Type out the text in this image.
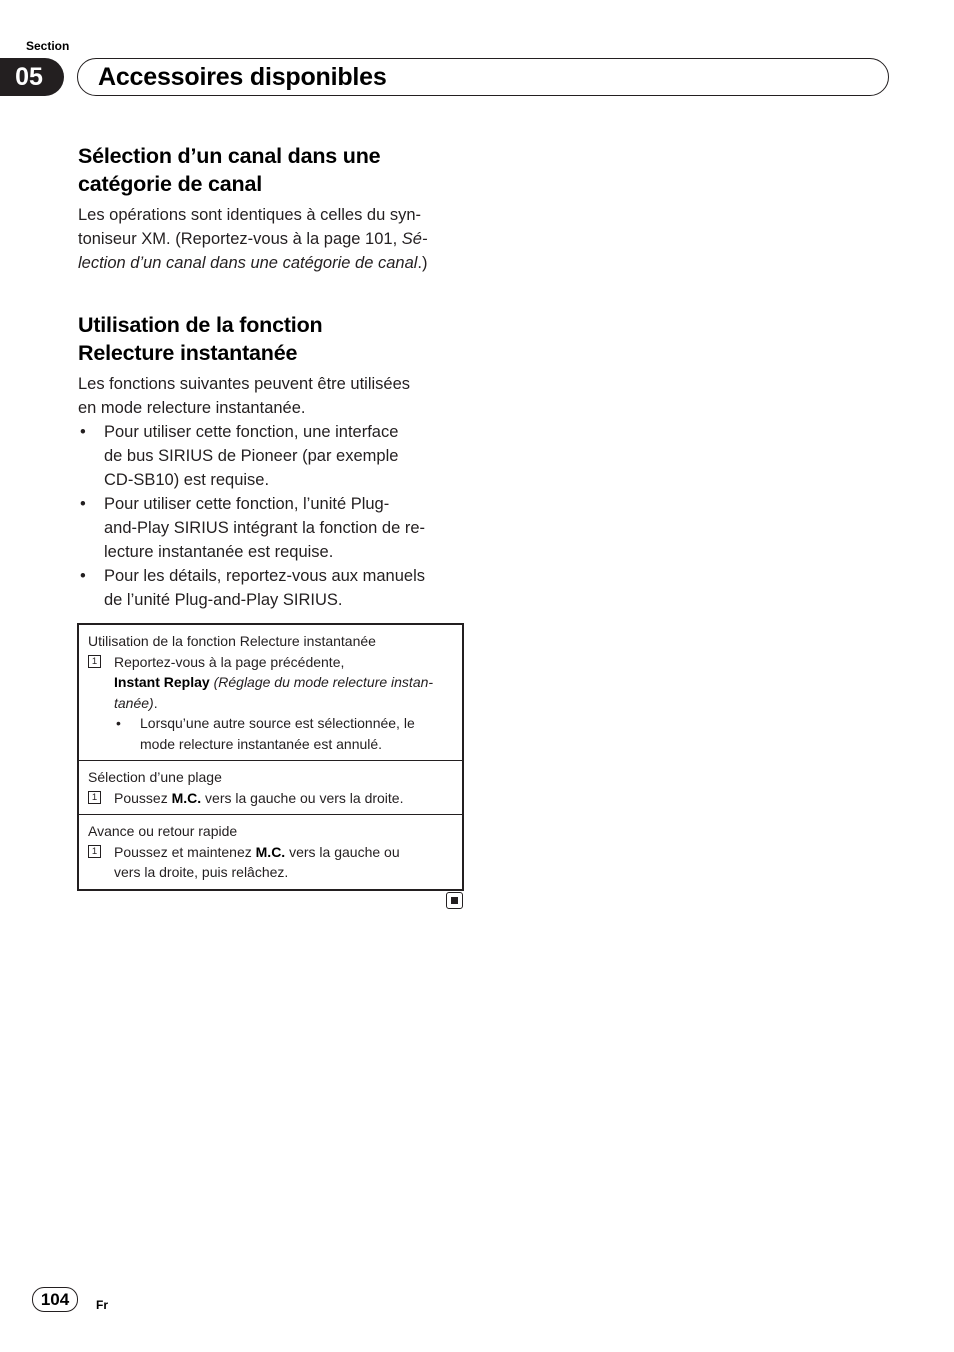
Section
05	Accessoires disponibles
Sélection d’un canal dans une
catégorie de canal
Les opérations sont identiques à celles du syn-
toniseur XM. (Reportez-vous à la page 101, Sé-
lection d’un canal dans une catégorie de canal.)
Utilisation de la fonction
Relecture instantanée
Les fonctions suivantes peuvent être utilisées
en mode relecture instantanée.
• Pour utiliser cette fonction, une interface
de bus SIRIUS de Pioneer (par exemple
CD-SB10) est requise.
• Pour utiliser cette fonction, l’unité Plug-
and-Play SIRIUS intégrant la fonction de re-
lecture instantanée est requise.
• Pour les détails, reportez-vous aux manuels
de l’unité Plug-and-Play SIRIUS.
Utilisation de la fonction Relecture instantanée
1 Reportez-vous à la page précédente,
Instant Replay (Réglage du mode relecture instan-
tanée).
• Lorsqu’une autre source est sélectionnée, le
mode relecture instantanée est annulé.
Sélection d’une plage
1 Poussez M.C. vers la gauche ou vers la droite.
Avance ou retour rapide
1 Poussez et maintenez M.C. vers la gauche ou
vers la droite, puis relâchez.
104	Fr
